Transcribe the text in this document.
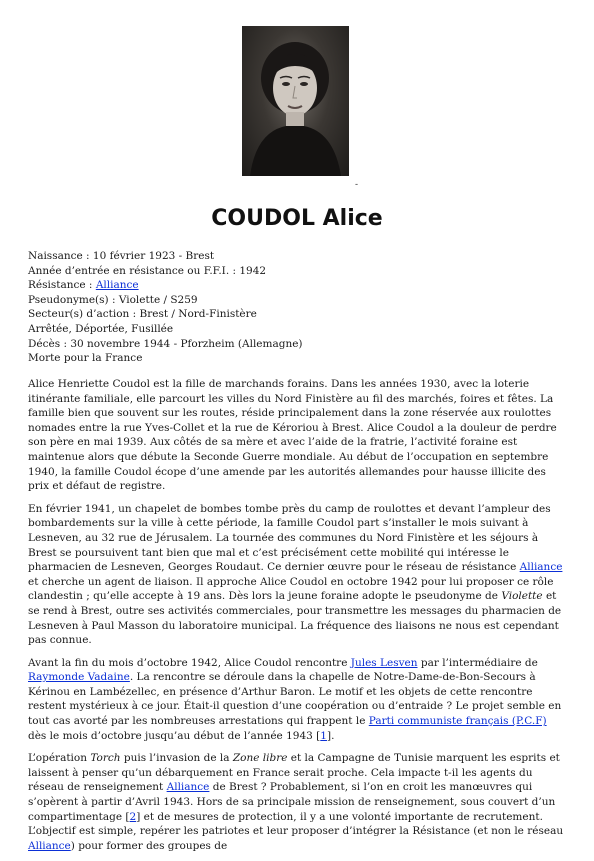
-
COUDOL Alice
Naissance : 10 février 1923 - Brest
Année d’entrée en résistance ou F.F.I. : 1942
Résistance : Alliance
Pseudonyme(s) : Violette / S259
Secteur(s) d’action : Brest / Nord-Finistère
Arrêtée, Déportée, Fusillée
Décès : 30 novembre 1944 - Pforzheim (Allemagne)
Morte pour la France

Alice Henriette Coudol est la fille de marchands forains. Dans les années 1930, avec la loterie itinérante familiale, elle parcourt les villes du Nord Finistère au fil des marchés, foires et fêtes. La famille bien que souvent sur les routes, réside principalement dans la zone réservée aux roulottes nomades entre la rue Yves-Collet et la rue de Kéroriou à Brest. Alice Coudol a la douleur de perdre son père en mai 1939. Aux côtés de sa mère et avec l’aide de la fratrie, l’activité foraine est maintenue alors que débute la Seconde Guerre mondiale. Au début de l’occupation en septembre 1940, la famille Coudol écope d’une amende par les autorités allemandes pour hausse illicite des prix et défaut de registre.

En février 1941, un chapelet de bombes tombe près du camp de roulottes et devant l’ampleur des bombardements sur la ville à cette période, la famille Coudol part s’installer le mois suivant à Lesneven, au 32 rue de Jérusalem. La tournée des communes du Nord Finistère et les séjours à Brest se poursuivent tant bien que mal et c’est précisément cette mobilité qui intéresse le pharmacien de Lesneven, Georges Roudaut. Ce dernier œuvre pour le réseau de résistance Alliance et cherche un agent de liaison. Il approche Alice Coudol en octobre 1942 pour lui proposer ce rôle clandestin ; qu’elle accepte à 19 ans. Dès lors la jeune foraine adopte le pseudonyme de Violette et se rend à Brest, outre ses activités commerciales, pour transmettre les messages du pharmacien de Lesneven à Paul Masson du laboratoire municipal. La fréquence des liaisons ne nous est cependant pas connue.

Avant la fin du mois d’octobre 1942, Alice Coudol rencontre Jules Lesven par l’intermédiaire de Raymonde Vadaine. La rencontre se déroule dans la chapelle de Notre-Dame-de-Bon-Secours à Kérinou en Lambézellec, en présence d’Arthur Baron. Le motif et les objets de cette rencontre restent mystérieux à ce jour. Était-il question d’une coopération ou d’entraide ? Le projet semble en tout cas avorté par les nombreuses arrestations qui frappent le Parti communiste français (P.C.F) dès le mois d’octobre jusqu’au début de l’année 1943 [1].

L’opération Torch puis l’invasion de la Zone libre et la Campagne de Tunisie marquent les esprits et laissent à penser qu’un débarquement en France serait proche. Cela impacte t-il les agents du réseau de renseignement Alliance de Brest ? Probablement, si l’on en croit les manœuvres qui s’opèrent à partir d’Avril 1943. Hors de sa principale mission de renseignement, sous couvert d’un compartimentage [2] et de mesures de protection, il y a une volonté importante de recrutement. L’objectif est simple, repérer les patriotes et leur proposer d’intégrer la Résistance (et non le réseau Alliance) pour former des groupes de
